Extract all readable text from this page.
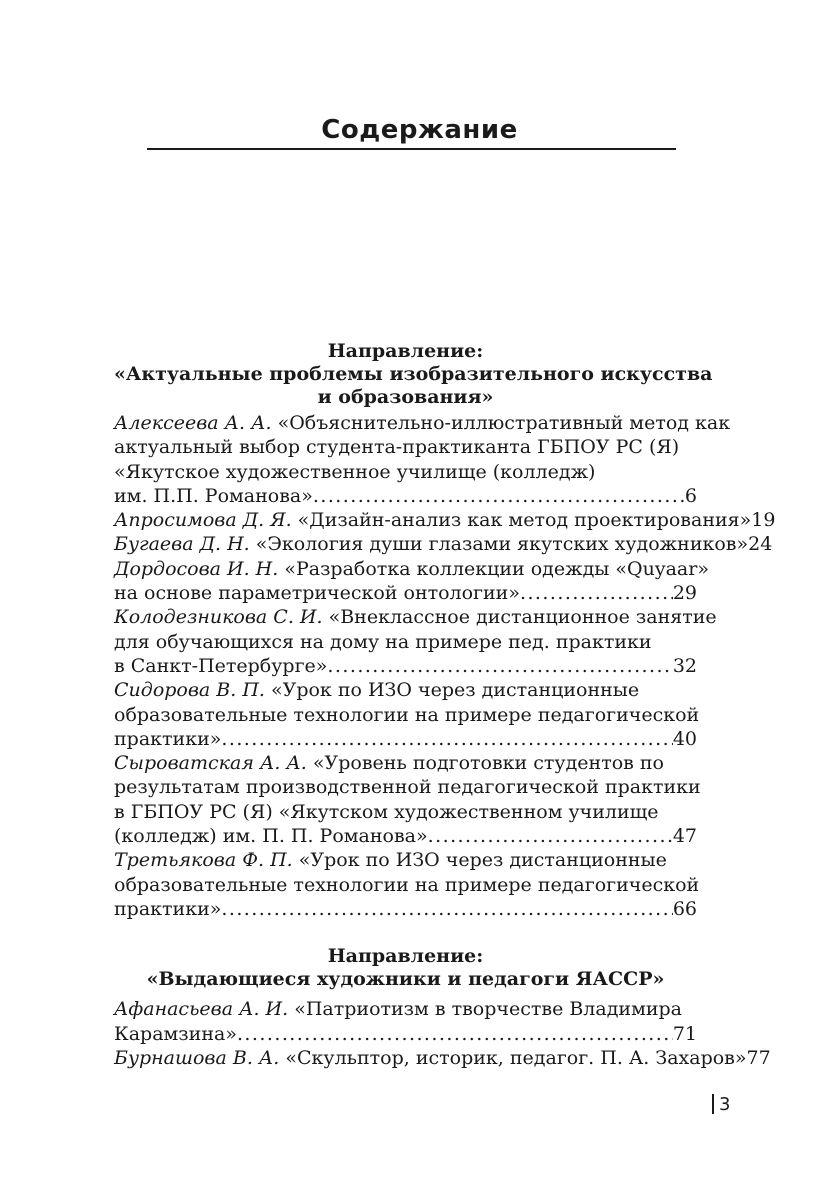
Содержание
Направление:
«Актуальные проблемы изобразительного искусства
и образования»
Алексеева А. А. «Объяснительно-иллюстративный метод как
актуальный выбор студента-практиканта ГБПОУ РС (Я)
«Якутское художественное училище (колледж)
им. П.П. Романова» . . .	6
Апросимова Д. Я. «Дизайн-анализ как метод проектирования» 19
Бугаева Д. Н. «Экология души глазами якутских художников» 24
Дордосова И. Н. «Разработка коллекции одежды «Quyaar»
на основе параметрической онтологии» . . .	29
Колодезникова С. И. «Внеклассное дистанционное занятие
для обучающихся на дому на примере пед. практики
в Санкт-Петербурге» . . .	32
Сидорова В. П. «Урок по ИЗО через дистанционные
образовательные технологии на примере педагогической
практики» . . .	40
Сыроватская А. А. «Уровень подготовки студентов по
результатам производственной педагогической практики
в ГБПОУ РС (Я) «Якутском художественном училище
(колледж) им. П. П. Романова» . . .	47
Третьякова Ф. П. «Урок по ИЗО через дистанционные
образовательные технологии на примере педагогической
практики» . . .	66
Направление:
«Выдающиеся художники и педагоги ЯАССР»
Афанасьева А. И. «Патриотизм в творчестве Владимира
Карамзина» . . .	71
Бурнашова В. А. «Скульптор, историк, педагог. П. А. Захаров» 77
3
